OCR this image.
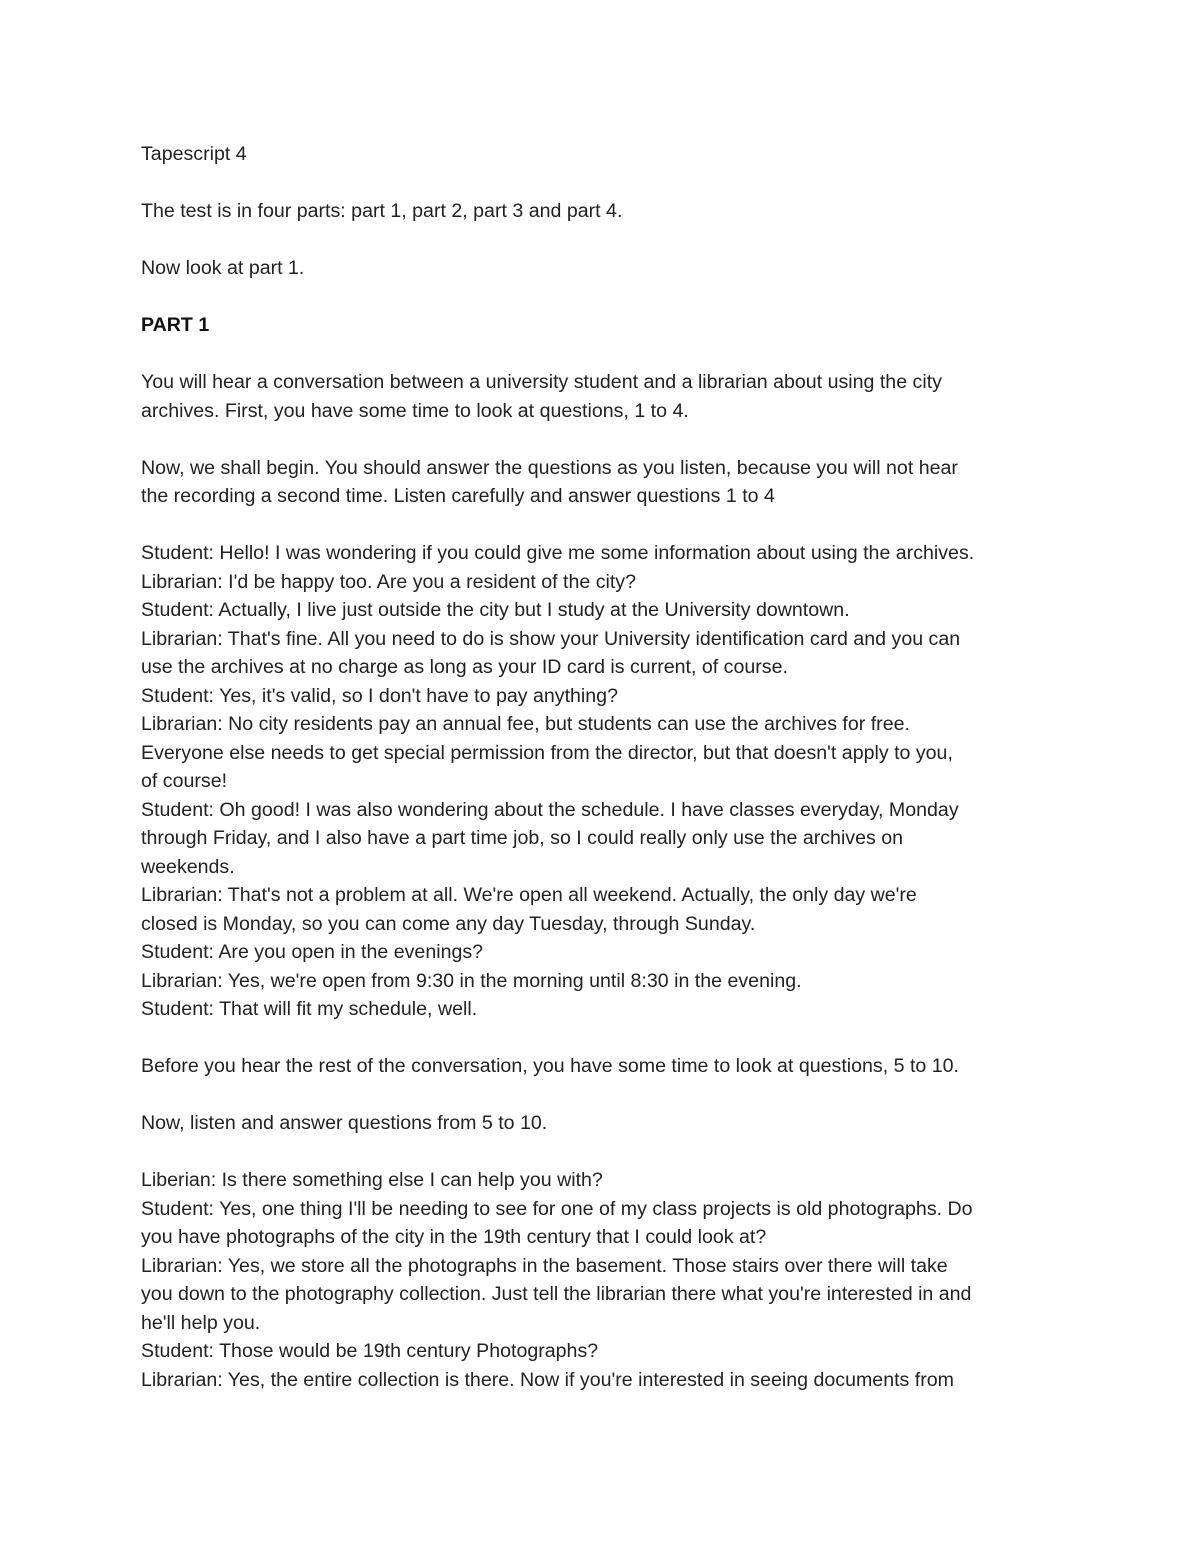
Tapescript 4
The test is in four parts: part 1, part 2, part 3 and part 4.
Now look at part 1.
PART 1
You will hear a conversation between a university student and a librarian about using the city
archives. First, you have some time to look at questions, 1 to 4.
Now, we shall begin. You should answer the questions as you listen, because you will not hear
the recording a second time. Listen carefully and answer questions 1 to 4
Student: Hello! I was wondering if you could give me some information about using the archives.
Librarian: I'd be happy too. Are you a resident of the city?
Student: Actually, I live just outside the city but I study at the University downtown.
Librarian: That's fine. All you need to do is show your University identification card and you can
use the archives at no charge as long as your ID card is current, of course.
Student: Yes, it's valid, so I don't have to pay anything?
Librarian: No city residents pay an annual fee, but students can use the archives for free.
Everyone else needs to get special permission from the director, but that doesn't apply to you,
of course!
Student: Oh good! I was also wondering about the schedule. I have classes everyday, Monday
through Friday, and I also have a part time job, so I could really only use the archives on
weekends.
Librarian: That's not a problem at all. We're open all weekend. Actually, the only day we're
closed is Monday, so you can come any day Tuesday, through Sunday.
Student: Are you open in the evenings?
Librarian: Yes, we're open from 9:30 in the morning until 8:30 in the evening.
Student: That will fit my schedule, well.
Before you hear the rest of the conversation, you have some time to look at questions, 5 to 10.
Now, listen and answer questions from 5 to 10.
Liberian: Is there something else I can help you with?
Student: Yes, one thing I'll be needing to see for one of my class projects is old photographs. Do
you have photographs of the city in the 19th century that I could look at?
Librarian: Yes, we store all the photographs in the basement. Those stairs over there will take
you down to the photography collection. Just tell the librarian there what you're interested in and
he'll help you.
Student: Those would be 19th century Photographs?
Librarian: Yes, the entire collection is there. Now if you're interested in seeing documents from
